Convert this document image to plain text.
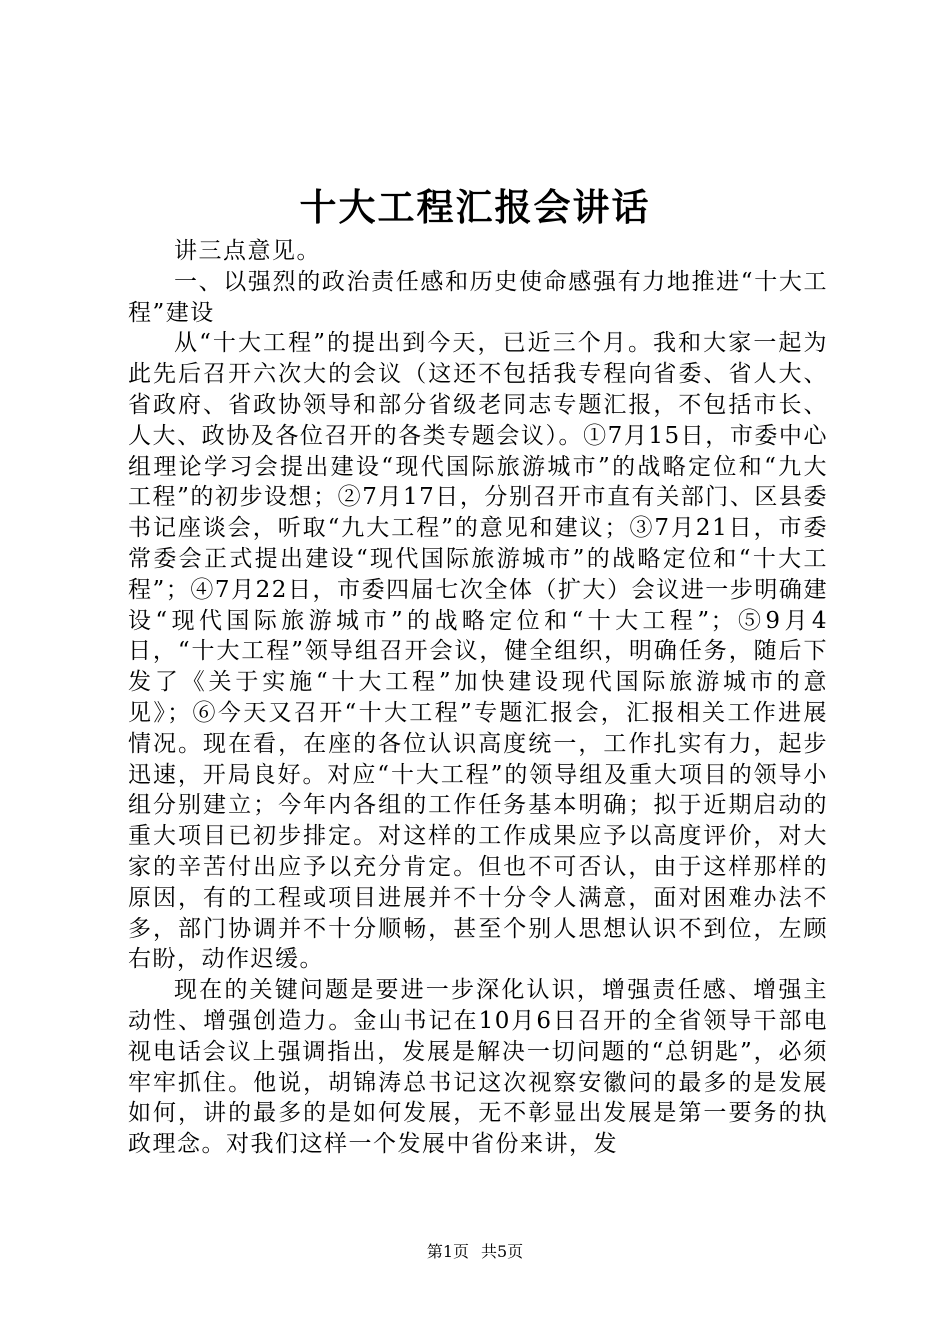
十大工程汇报会讲话

讲三点意见。

一、以强烈的政治责任感和历史使命感强有力地推进“十大工程”建设

从“十大工程”的提出到今天，已近三个月。我和大家一起为此先后召开六次大的会议（这还不包括我专程向省委、省人大、省政府、省政协领导和部分省级老同志专题汇报，不包括市长、人大、政协及各位召开的各类专题会议）。①7月15日，市委中心组理论学习会提出建设“现代国际旅游城市”的战略定位和“九大工程”的初步设想；②7月17日，分别召开市直有关部门、区县委书记座谈会，听取“九大工程”的意见和建议；③7月21日，市委常委会正式提出建设“现代国际旅游城市”的战略定位和“十大工程”；④7月22日，市委四届七次全体（扩大）会议进一步明确建设“现代国际旅游城市”的战略定位和“十大工程”；⑤9月4日，“十大工程”领导组召开会议，健全组织，明确任务，随后下发了《关于实施“十大工程”加快建设现代国际旅游城市的意见》；⑥今天又召开“十大工程”专题汇报会，汇报相关工作进展情况。现在看，在座的各位认识高度统一，工作扎实有力，起步迅速，开局良好。对应“十大工程”的领导组及重大项目的领导小组分别建立；今年内各组的工作任务基本明确；拟于近期启动的重大项目已初步排定。对这样的工作成果应予以高度评价，对大家的辛苦付出应予以充分肯定。但也不可否认，由于这样那样的原因，有的工程或项目进展并不十分令人满意，面对困难办法不多，部门协调并不十分顺畅，甚至个别人思想认识不到位，左顾右盼，动作迟缓。

现在的关键问题是要进一步深化认识，增强责任感、增强主动性、增强创造力。金山书记在10月6日召开的全省领导干部电视电话会议上强调指出，发展是解决一切问题的“总钥匙”，必须牢牢抓住。他说，胡锦涛总书记这次视察安徽问的最多的是发展如何，讲的最多的是如何发展，无不彰显出发展是第一要务的执政理念。对我们这样一个发展中省份来讲，发

第1页 共5页
